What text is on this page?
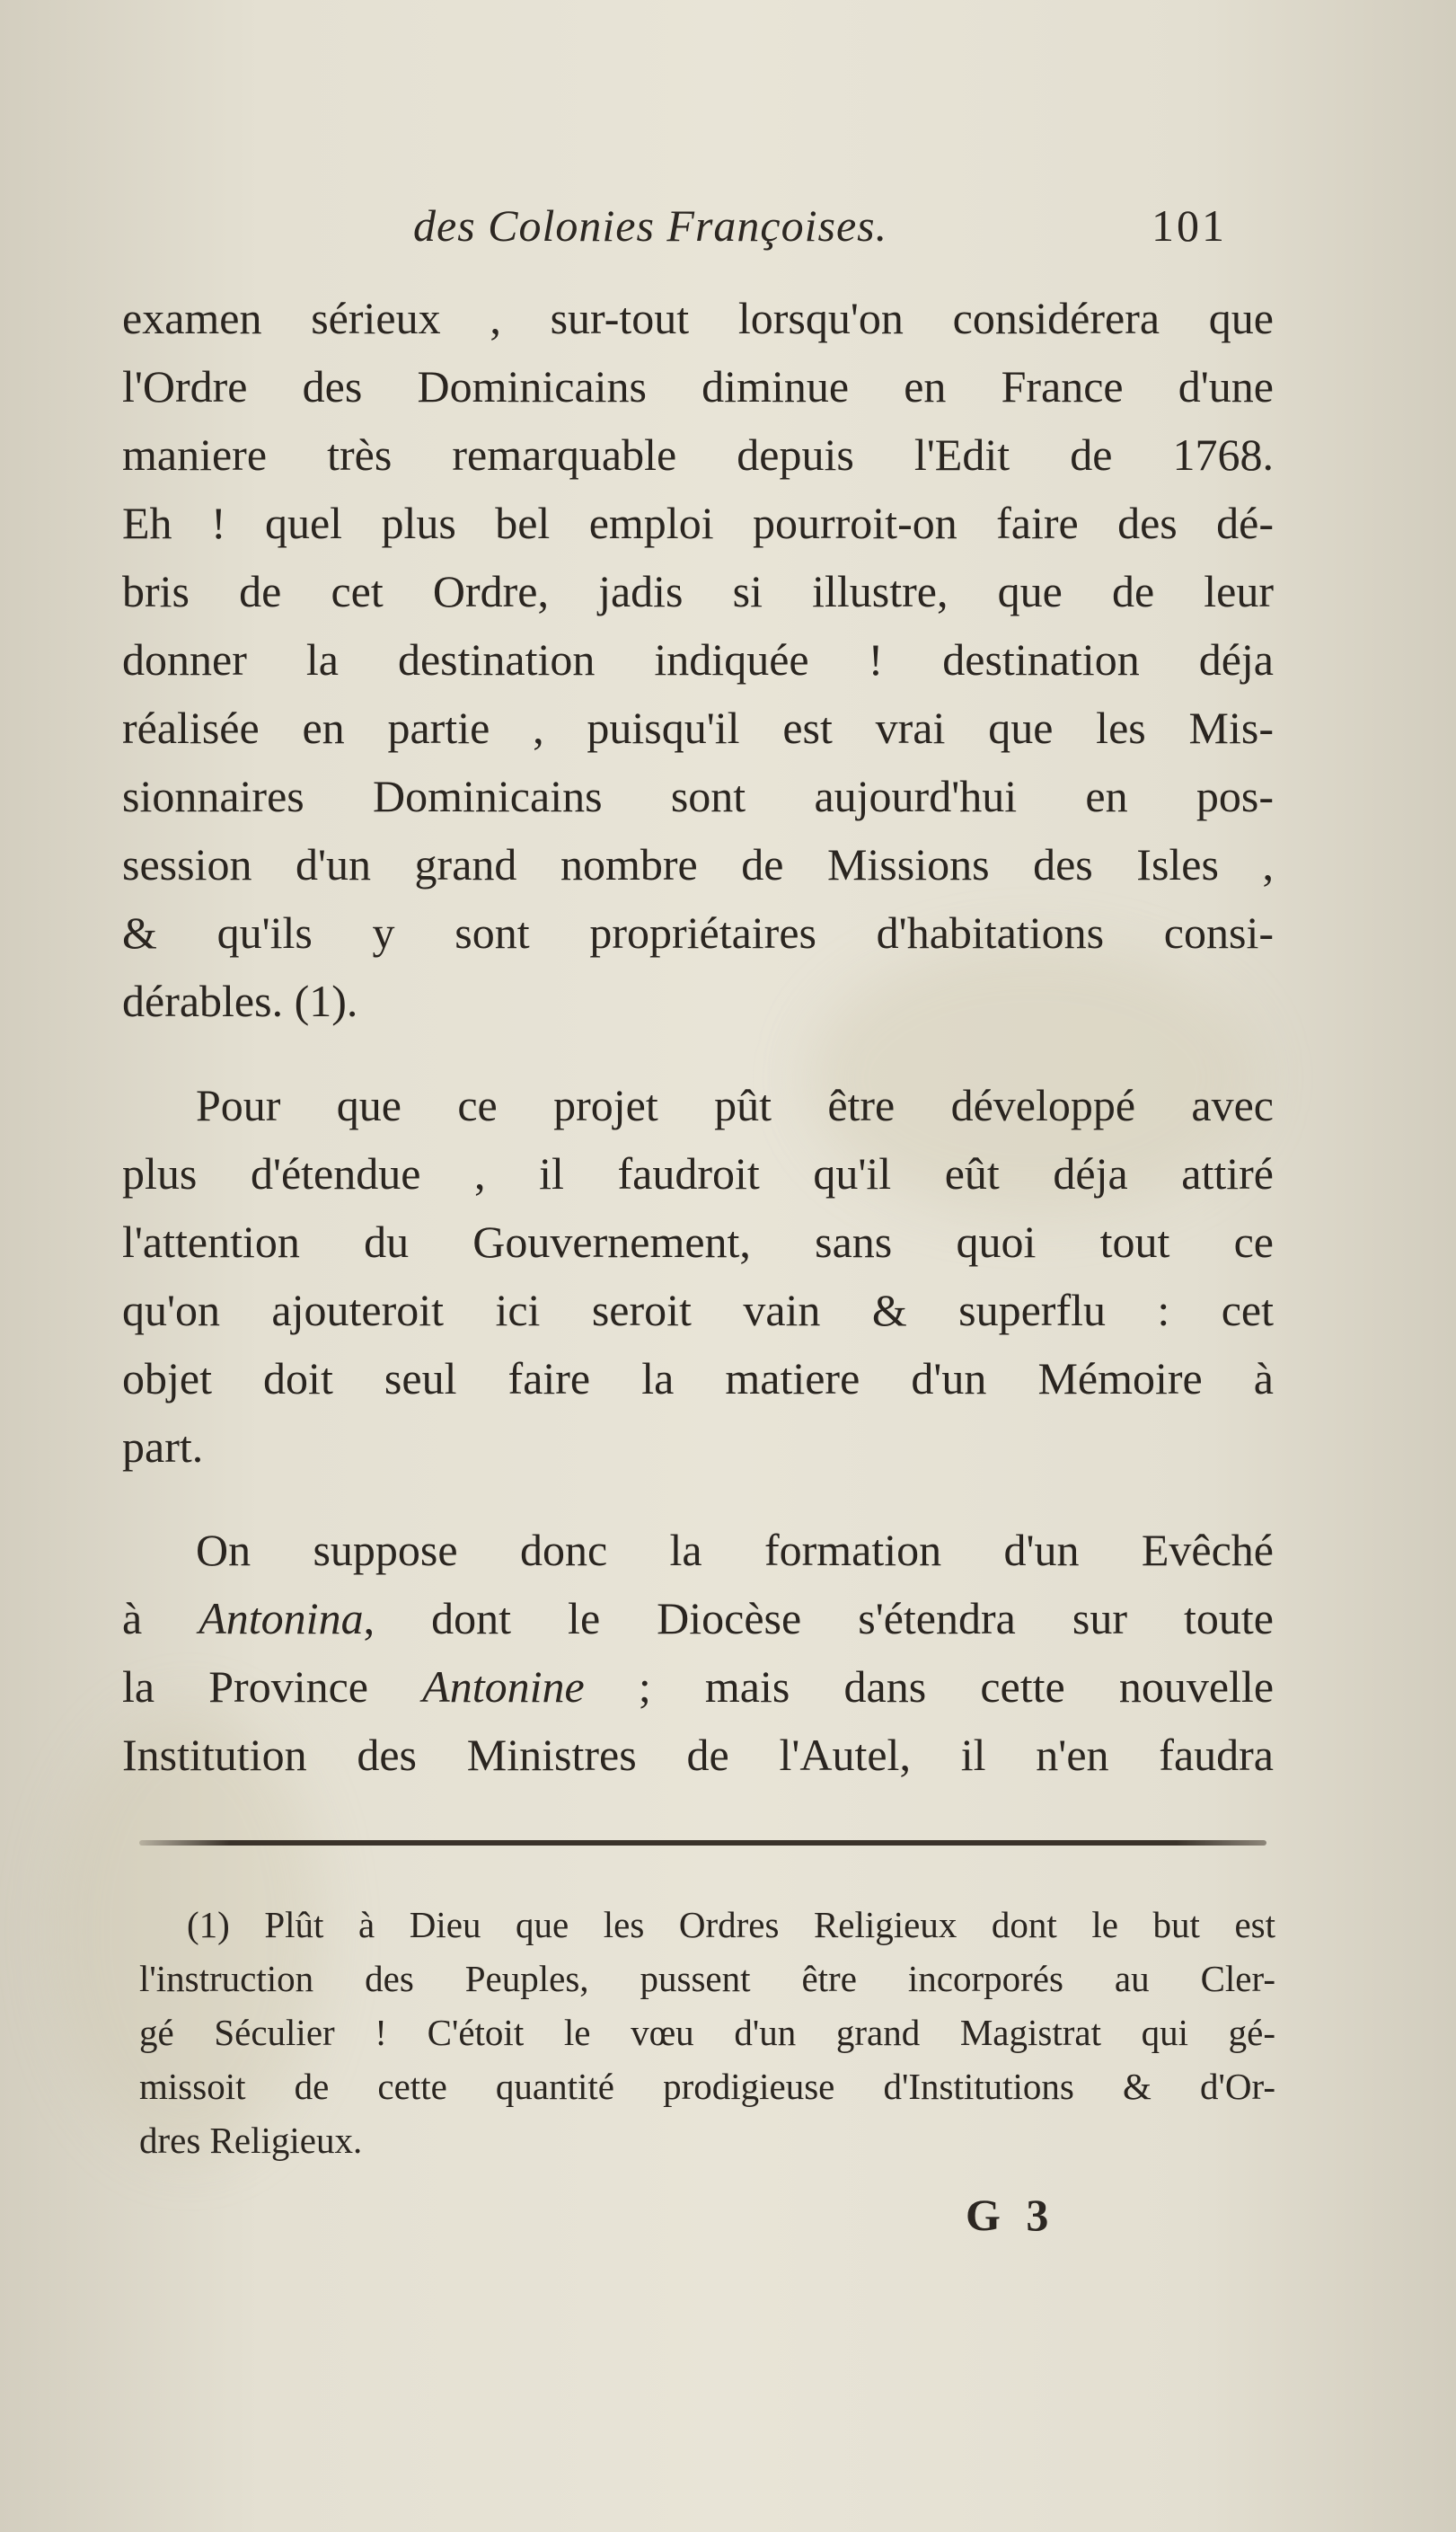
des Colonies Françoises.	101
examen sérieux , sur-tout lorsqu'on considérera que
l'Ordre des Dominicains diminue en France d'une
maniere très remarquable depuis l'Edit de 1768.
Eh ! quel plus bel emploi pourroit-on faire des dé-
bris de cet Ordre, jadis si illustre, que de leur
donner la destination indiquée ! destination déja
réalisée en partie , puisqu'il est vrai que les Mis-
sionnaires Dominicains sont aujourd'hui en pos-
session d'un grand nombre de Missions des Isles ,
& qu'ils y sont propriétaires d'habitations consi-
dérables. (1).
Pour que ce projet pût être développé avec
plus d'étendue , il faudroit qu'il eût déja attiré
l'attention du Gouvernement, sans quoi tout ce
qu'on ajouteroit ici seroit vain & superflu : cet
objet doit seul faire la matiere d'un Mémoire à
part.
On suppose donc la formation d'un Evêché
à Antonina, dont le Diocèse s'étendra sur toute
la Province Antonine ; mais dans cette nouvelle
Institution des Ministres de l'Autel, il n'en faudra
(1) Plût à Dieu que les Ordres Religieux dont le but est
l'instruction des Peuples, pussent être incorporés au Cler-
gé Séculier ! C'étoit le vœu d'un grand Magistrat qui gé-
missoit de cette quantité prodigieuse d'Institutions & d'Or-
dres Religieux.
G 3
